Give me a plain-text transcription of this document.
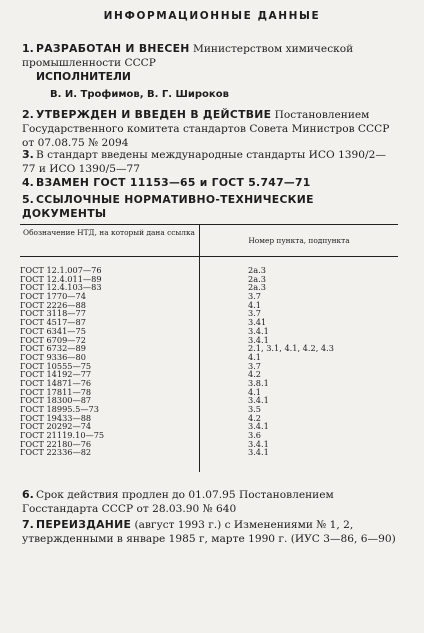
ИНФОРМАЦИОННЫЕ ДАННЫЕ
1. РАЗРАБОТАН И ВНЕСЕН Министерством химической промышленности СССР
ИСПОЛНИТЕЛИ
В. И. Трофимов, В. Г. Широков
2. УТВЕРЖДЕН И ВВЕДЕН В ДЕЙСТВИЕ Постановлением Государственного комитета стандартов Совета Министров СССР от 07.08.75 № 2094
3. В стандарт введены международные стандарты ИСО 1390/2—77 и ИСО 1390/5—77
4. ВЗАМЕН ГОСТ 11153—65 и ГОСТ 5.747—71
5. ССЫЛОЧНЫЕ НОРМАТИВНО-ТЕХНИЧЕСКИЕ ДОКУМЕНТЫ
Обозначение НТД, на который дана ссылка
Номер пункта, подпункта
ГОСТ 12.1.007—76	2а.3
ГОСТ 12.4.011—89	2а.3
ГОСТ 12.4.103—83	2а.3
ГОСТ 1770—74	3.7
ГОСТ 2226—88	4.1
ГОСТ 3118—77	3.7
ГОСТ 4517—87	3.41
ГОСТ 6341—75	3.4.1
ГОСТ 6709—72	3.4.1
ГОСТ 6732—89	2.1, 3.1, 4.1, 4.2, 4.3
ГОСТ 9336—80	4.1
ГОСТ 10555—75	3.7
ГОСТ 14192—77	4.2
ГОСТ 14871—76	3.8.1
ГОСТ 17811—78	4.1
ГОСТ 18300—87	3.4.1
ГОСТ 18995.5—73	3.5
ГОСТ 19433—88	4.2
ГОСТ 20292—74	3.4.1
ГОСТ 21119.10—75	3.6
ГОСТ 22180—76	3.4.1
ГОСТ 22336—82	3.4.1
6. Срок действия продлен до 01.07.95 Постановлением Госстандарта СССР от 28.03.90 № 640
7. ПЕРЕИЗДАНИЕ (август 1993 г.) с Изменениями № 1, 2, утвержденными в январе 1985 г, марте 1990 г. (ИУС 3—86, 6—90)
